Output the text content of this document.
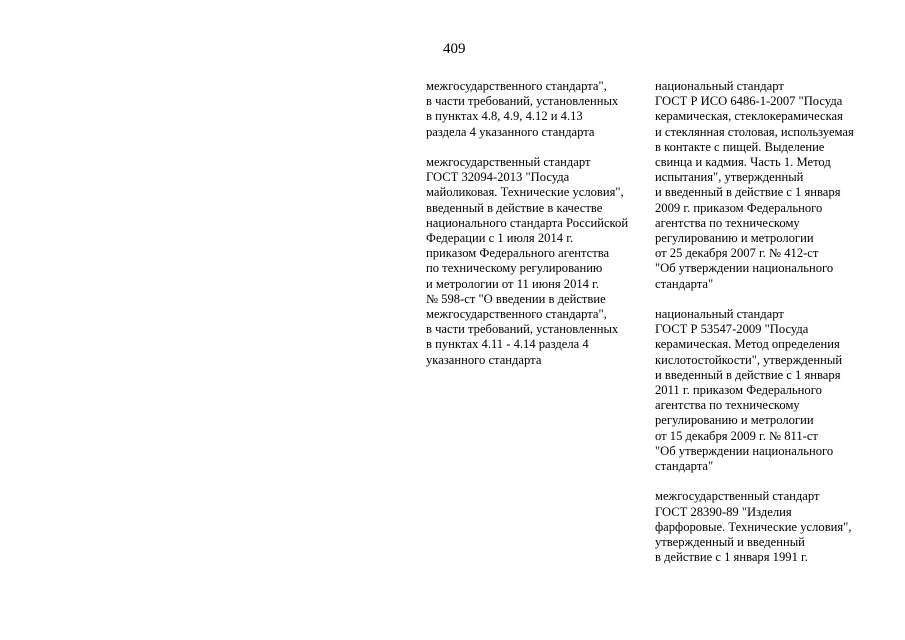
409
межгосударственного стандарта",
в части требований, установленных
в пунктах 4.8, 4.9, 4.12 и 4.13
раздела 4 указанного стандарта
межгосударственный стандарт
ГОСТ 32094-2013 "Посуда
майоликовая. Технические условия",
введенный в действие в качестве
национального стандарта Российской
Федерации с 1 июля 2014 г.
приказом Федерального агентства
по техническому регулированию
и метрологии от 11 июня 2014 г.
№ 598-ст "О введении в действие
межгосударственного стандарта",
в части требований, установленных
в пунктах 4.11 - 4.14 раздела 4
указанного стандарта
национальный стандарт
ГОСТ Р ИСО 6486-1-2007 "Посуда
керамическая, стеклокерамическая
и стеклянная столовая, используемая
в контакте с пищей. Выделение
свинца и кадмия. Часть 1. Метод
испытания", утвержденный
и введенный в действие с 1 января
2009 г. приказом Федерального
агентства по техническому
регулированию и метрологии
от 25 декабря 2007 г. № 412-ст
"Об утверждении национального
стандарта"
национальный стандарт
ГОСТ Р 53547-2009 "Посуда
керамическая. Метод определения
кислотостойкости", утвержденный
и введенный в действие с 1 января
2011 г. приказом Федерального
агентства по техническому
регулированию и метрологии
от 15 декабря 2009 г. № 811-ст
"Об утверждении национального
стандарта"
межгосударственный стандарт
ГОСТ 28390-89 "Изделия
фарфоровые. Технические условия",
утвержденный и введенный
в действие с 1 января 1991 г.
